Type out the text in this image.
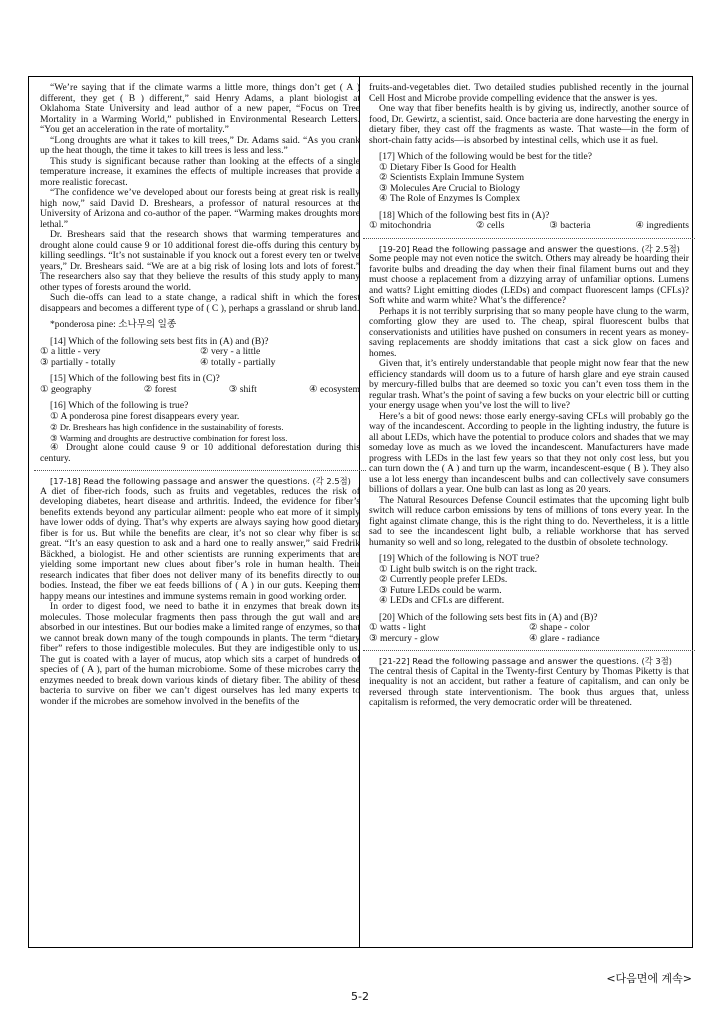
“We’re saying that if the climate warms a little more, things don’t get ( A ) different, they get ( B ) different,” said Henry Adams, a plant biologist at Oklahoma State University and lead author of a new paper, “Focus on Tree Mortality in a Warming World,” published in Environmental Research Letters. “You get an acceleration in the rate of mortality.”

“Long droughts are what it takes to kill trees,” Dr. Adams said. “As you crank up the heat though, the time it takes to kill trees is less and less.”

This study is significant because rather than looking at the effects of a single temperature increase, it examines the effects of multiple increases that provide a more realistic forecast.

“The confidence we’ve developed about our forests being at great risk is really high now,” said David D. Breshears, a professor of natural resources at the University of Arizona and co-author of the paper. “Warming makes droughts more lethal.”

Dr. Breshears said that the research shows that warming temperatures and drought alone could cause 9 or 10 additional forest die-offs during this century by killing seedlings. “It’s not sustainable if you knock out a forest every ten or twelve years,” Dr. Breshears said. “We are at a big risk of losing lots and lots of forest.” The researchers also say that they believe the results of this study apply to many other types of forests around the world.

Such die-offs can lead to a state change, a radical shift in which the forest disappears and becomes a different type of ( C ), perhaps a grassland or shrub land.

*ponderosa pine: 소나무의 일종

[14] Which of the following sets best fits in (A) and (B)?

① a little - very	② very - a little
③ partially - totally	④ totally - partially

[15] Which of the following best fits in (C)?

① geography	② forest	③ shift	④ ecosystem

[16] Which of the following is true?

① A ponderosa pine forest disappears every year.

② Dr. Breshears has high confidence in the sustainability of forests.

③ Warming and droughts are destructive combination for forest loss.

④ Drought alone could cause 9 or 10 additional deforestation during this century.

[17-18] Read the following passage and answer the questions. (각 2.5점)

A diet of fiber-rich foods, such as fruits and vegetables, reduces the risk of developing diabetes, heart disease and arthritis. Indeed, the evidence for fiber’s benefits extends beyond any particular ailment: people who eat more of it simply have lower odds of dying. That’s why experts are always saying how good dietary fiber is for us. But while the benefits are clear, it’s not so clear why fiber is so great. “It’s an easy question to ask and a hard one to really answer,” said Fredrik Bäckhed, a biologist. He and other scientists are running experiments that are yielding some important new clues about fiber’s role in human health. Their research indicates that fiber does not deliver many of its benefits directly to our bodies. Instead, the fiber we eat feeds billions of ( A ) in our guts. Keeping them happy means our intestines and immune systems remain in good working order.

In order to digest food, we need to bathe it in enzymes that break down its molecules. Those molecular fragments then pass through the gut wall and are absorbed in our intestines. But our bodies make a limited range of enzymes, so that we cannot break down many of the tough compounds in plants. The term “dietary fiber” refers to those indigestible molecules. But they are indigestible only to us. The gut is coated with a layer of mucus, atop which sits a carpet of hundreds of species of ( A ), part of the human microbiome. Some of these microbes carry the enzymes needed to break down various kinds of dietary fiber. The ability of these bacteria to survive on fiber we can’t digest ourselves has led many experts to wonder if the microbes are somehow involved in the benefits of the

fruits-and-vegetables diet. Two detailed studies published recently in the journal Cell Host and Microbe provide compelling evidence that the answer is yes.

One way that fiber benefits health is by giving us, indirectly, another source of food, Dr. Gewirtz, a scientist, said. Once bacteria are done harvesting the energy in dietary fiber, they cast off the fragments as waste. That waste—in the form of short-chain fatty acids—is absorbed by intestinal cells, which use it as fuel.

[17] Which of the following would be best for the title?

① Dietary Fiber Is Good for Health

② Scientists Explain Immune System

③ Molecules Are Crucial to Biology

④ The Role of Enzymes Is Complex

[18] Which of the following best fits in (A)?

① mitochondria	② cells	③ bacteria	④ ingredients

[19-20] Read the following passage and answer the questions. (각 2.5점)

Some people may not even notice the switch. Others may already be hoarding their favorite bulbs and dreading the day when their final filament burns out and they must choose a replacement from a dizzying array of unfamiliar options. Lumens and watts? Light emitting diodes (LEDs) and compact fluorescent lamps (CFLs)? Soft white and warm white? What’s the difference?

Perhaps it is not terribly surprising that so many people have clung to the warm, comforting glow they are used to. The cheap, spiral fluorescent bulbs that conservationists and utilities have pushed on consumers in recent years as money-saving replacements are shoddy imitations that cast a sick glow on faces and homes.

Given that, it’s entirely understandable that people might now fear that the new efficiency standards will doom us to a future of harsh glare and eye strain caused by mercury-filled bulbs that are deemed so toxic you can’t even toss them in the regular trash. What’s the point of saving a few bucks on your electric bill or cutting your energy usage when you’ve lost the will to live?

Here’s a bit of good news: those early energy-saving CFLs will probably go the way of the incandescent. According to people in the lighting industry, the future is all about LEDs, which have the potential to produce colors and shades that we may someday love as much as we loved the incandescent. Manufacturers have made progress with LEDs in the last few years so that they not only cost less, but you can turn down the ( A ) and turn up the warm, incandescent-esque ( B ). They also use a lot less energy than incandescent bulbs and can collectively save consumers billions of dollars a year. One bulb can last as long as 20 years.

The Natural Resources Defense Council estimates that the upcoming light bulb switch will reduce carbon emissions by tens of millions of tons every year. In the fight against climate change, this is the right thing to do. Nevertheless, it is a little sad to see the incandescent light bulb, a reliable workhorse that has served humanity so well and so long, relegated to the dustbin of obsolete technology.

[19] Which of the following is NOT true?

① Light bulb switch is on the right track.

② Currently people prefer LEDs.

③ Future LEDs could be warm.

④ LEDs and CFLs are different.

[20] Which of the following sets best fits in (A) and (B)?

① watts - light	② shape - color
③ mercury - glow	④ glare - radiance

[21-22] Read the following passage and answer the questions. (각 3점)

The central thesis of Capital in the Twenty-first Century by Thomas Piketty is that inequality is not an accident, but rather a feature of capitalism, and can only be reversed through state interventionism. The book thus argues that, unless capitalism is reformed, the very democratic order will be threatened.

<다음면에 계속>
5-2
